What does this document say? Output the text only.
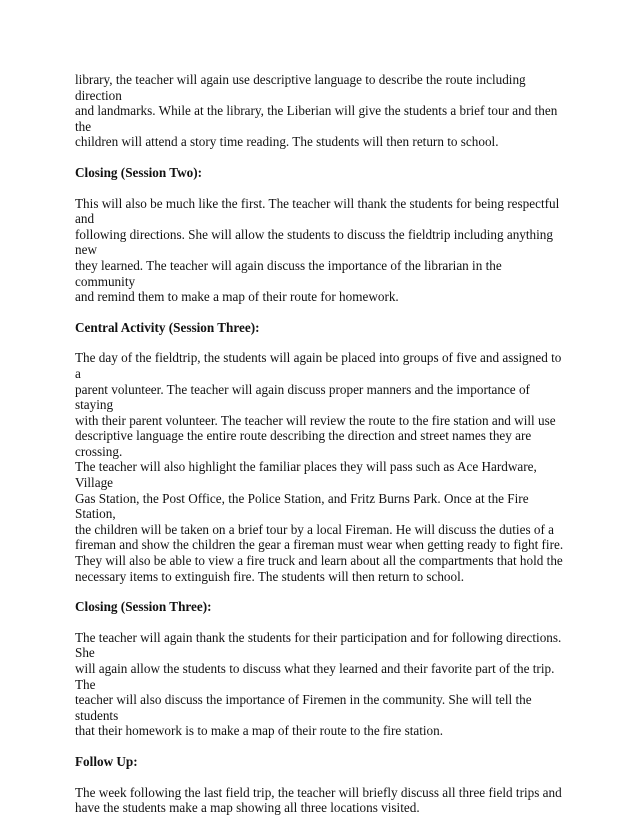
library, the teacher will again use descriptive language to describe the route including direction
and landmarks. While at the library, the Liberian will give the students a brief tour and then the
children will attend a story time reading. The students will then return to school.

Closing (Session Two):

This will also be much like the first. The teacher will thank the students for being respectful and
following directions. She will allow the students to discuss the fieldtrip including anything new
they learned. The teacher will again discuss the importance of the librarian in the community
and remind them to make a map of their route for homework.

Central Activity (Session Three):

The day of the fieldtrip, the students will again be placed into groups of five and assigned to a
parent volunteer. The teacher will again discuss proper manners and the importance of staying
with their parent volunteer. The teacher will review the route to the fire station and will use
descriptive language the entire route describing the direction and street names they are crossing.
The teacher will also highlight the familiar places they will pass such as Ace Hardware, Village
Gas Station, the Post Office, the Police Station, and Fritz Burns Park. Once at the Fire Station,
the children will be taken on a brief tour by a local Fireman. He will discuss the duties of a
fireman and show the children the gear a fireman must wear when getting ready to fight fire.
They will also be able to view a fire truck and learn about all the compartments that hold the
necessary items to extinguish fire. The students will then return to school.

Closing (Session Three):

The teacher will again thank the students for their participation and for following directions. She
will again allow the students to discuss what they learned and their favorite part of the trip. The
teacher will also discuss the importance of Firemen in the community. She will tell the students
that their homework is to make a map of their route to the fire station.

Follow Up:

The week following the last field trip, the teacher will briefly discuss all three field trips and
have the students make a map showing all three locations visited.
